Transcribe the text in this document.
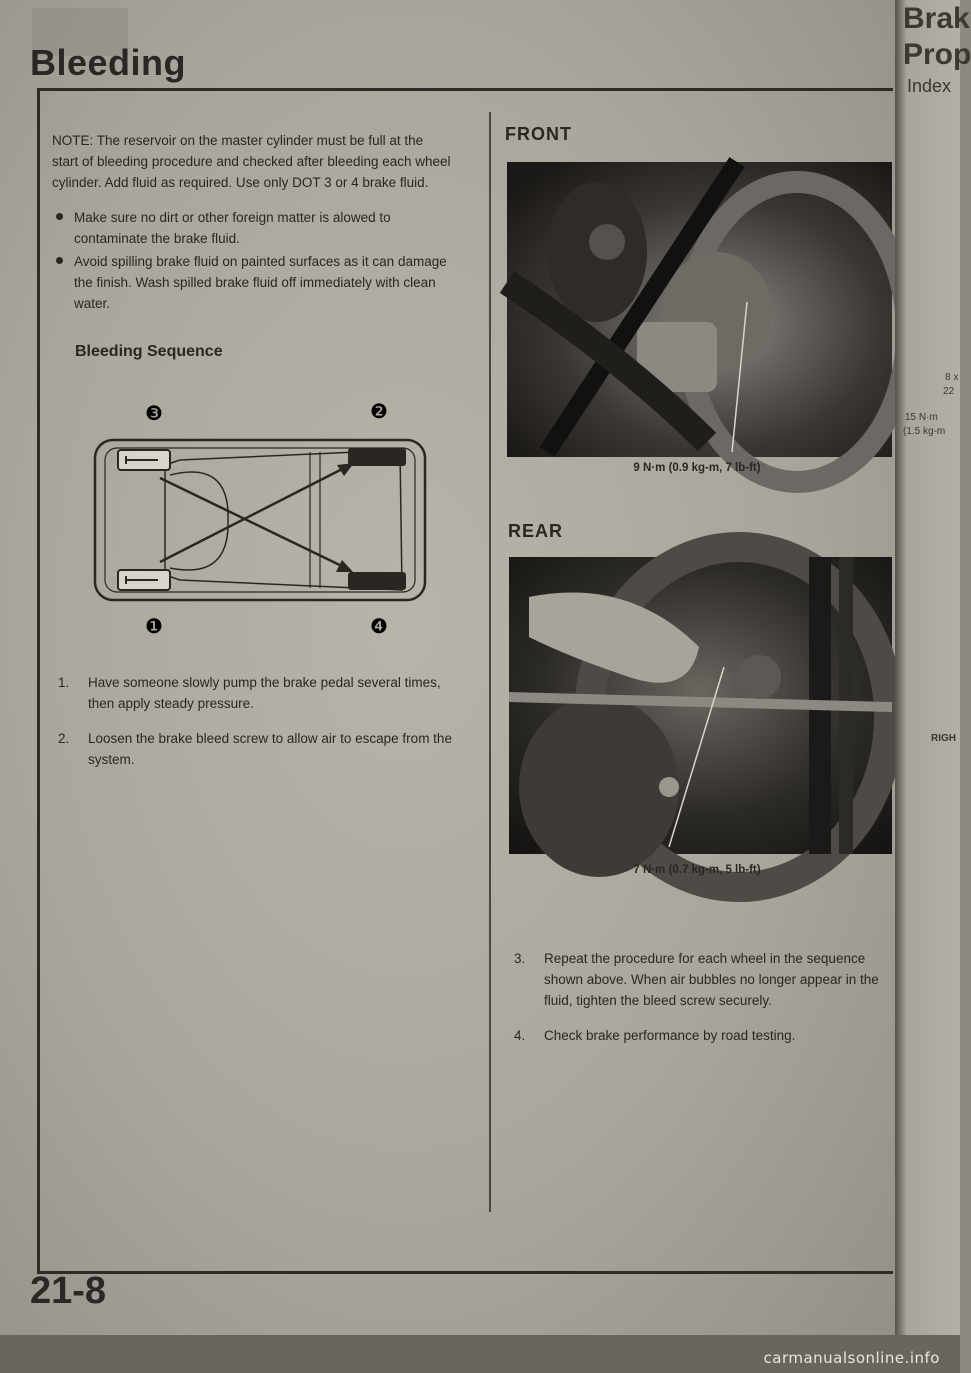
Bleeding

NOTE: The reservoir on the master cylinder must be full at the start of bleeding procedure and checked after bleeding each wheel cylinder. Add fluid as required. Use only DOT 3 or 4 brake fluid.

Make sure no dirt or other foreign matter is alowed to contaminate the brake fluid.
Avoid spilling brake fluid on painted surfaces as it can damage the finish. Wash spilled brake fluid off immediately with clean water.
Bleeding Sequence
❸	❷
❶	❹
1. Have someone slowly pump the brake pedal several times, then apply steady pressure.
2. Loosen the brake bleed screw to allow air to escape from the system.
FRONT
9 N·m (0.9 kg-m, 7 lb-ft)
REAR
7 N·m (0.7 kg-m, 5 lb-ft)
3. Repeat the procedure for each wheel in the sequence shown above. When air bubbles no longer appear in the fluid, tighten the bleed screw securely.
4. Check brake performance by road testing.
21-8
Brak
Prop
Index
8 x
22
15 N·m
(1.5 kg-m
RIGH
carmanualsonline.info
